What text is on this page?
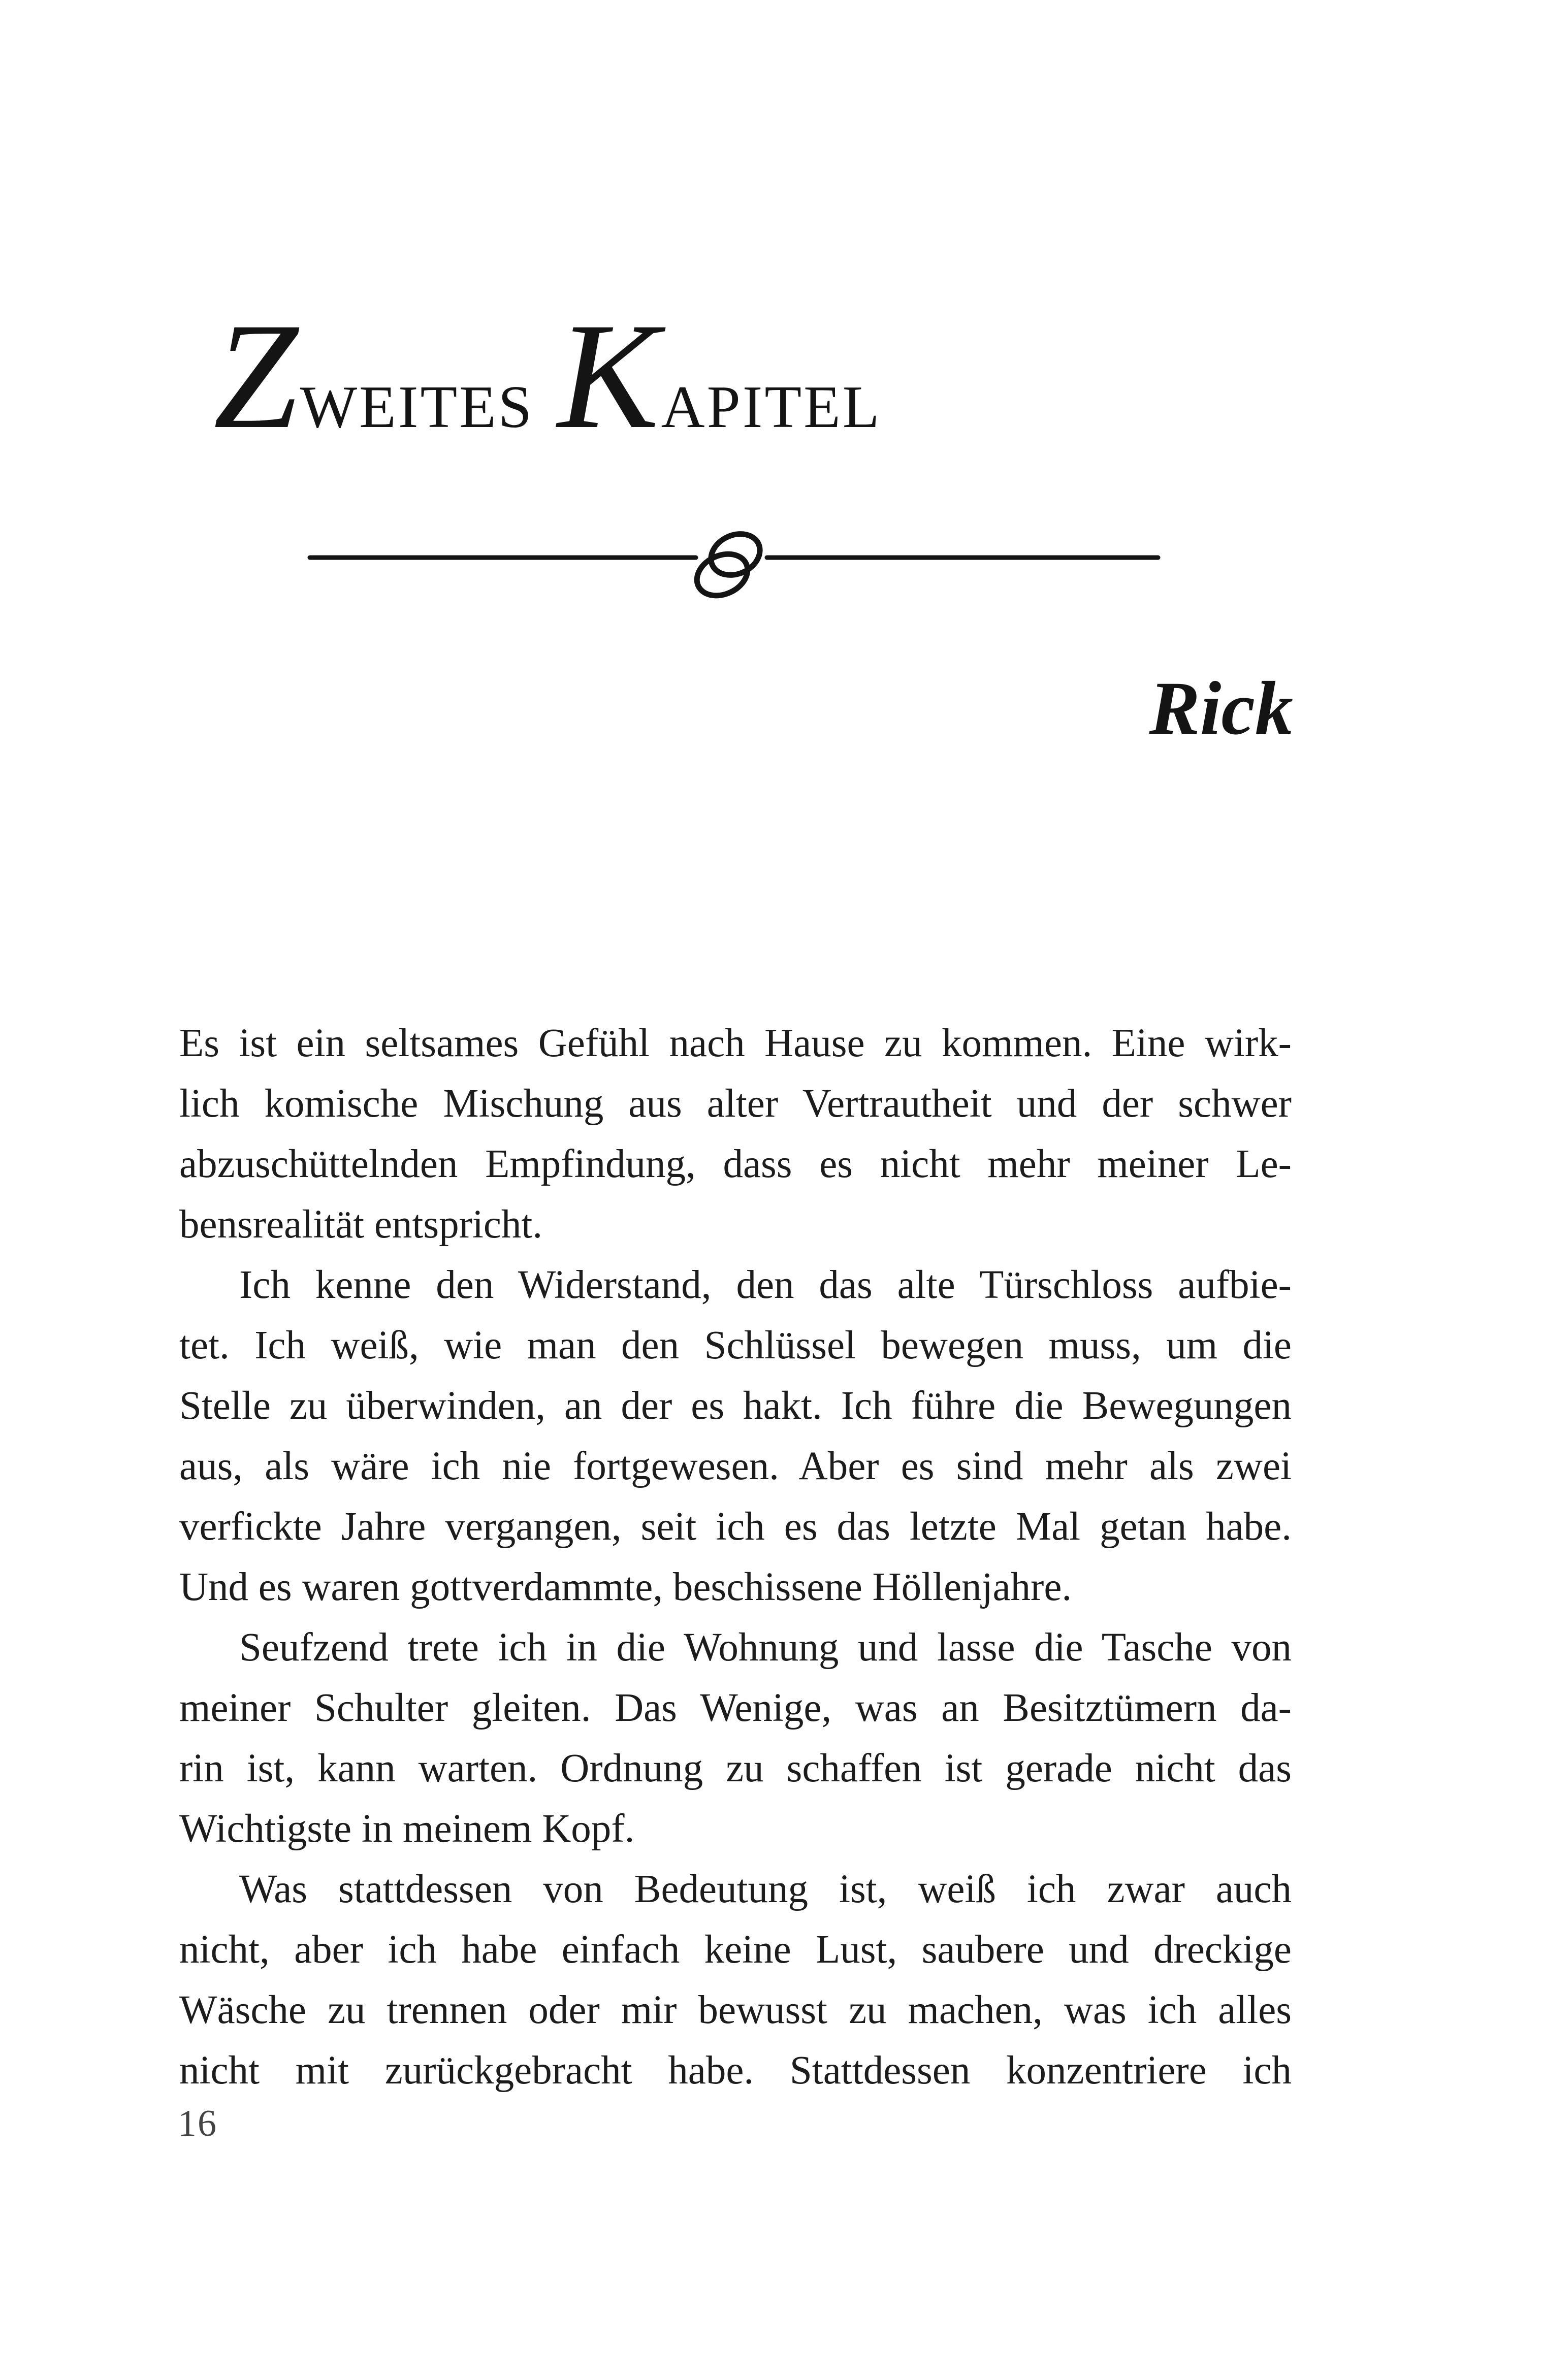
Zweites Kapitel
Rick

Es ist ein seltsames Gefühl nach Hause zu kommen. Eine wirk-

lich komische Mischung aus alter Vertrautheit und der schwer

abzuschüttelnden Empfindung, dass es nicht mehr meiner Le-

bensrealität entspricht.

Ich kenne den Widerstand, den das alte Türschloss aufbie-

tet. Ich weiß, wie man den Schlüssel bewegen muss, um die

Stelle zu überwinden, an der es hakt. Ich führe die Bewegungen

aus, als wäre ich nie fortgewesen. Aber es sind mehr als zwei

verfickte Jahre vergangen, seit ich es das letzte Mal getan habe.

Und es waren gottverdammte, beschissene Höllenjahre.

Seufzend trete ich in die Wohnung und lasse die Tasche von

meiner Schulter gleiten. Das Wenige, was an Besitztümern da-

rin ist, kann warten. Ordnung zu schaffen ist gerade nicht das

Wichtigste in meinem Kopf.

Was stattdessen von Bedeutung ist, weiß ich zwar auch

nicht, aber ich habe einfach keine Lust, saubere und dreckige

Wäsche zu trennen oder mir bewusst zu machen, was ich alles

nicht mit zurückgebracht habe. Stattdessen konzentriere ich

16
